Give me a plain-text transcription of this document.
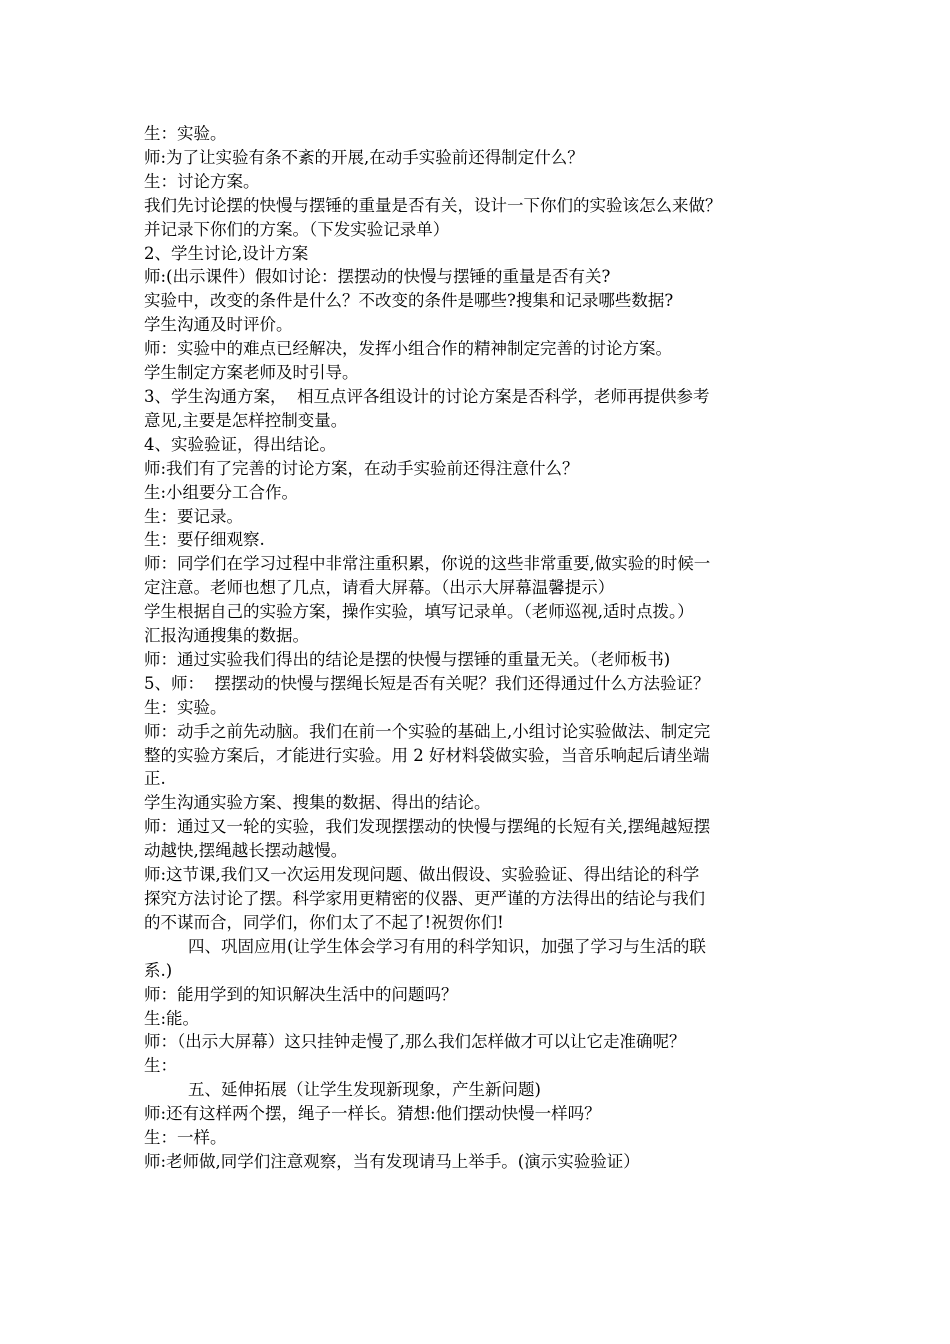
生：实验。

师:为了让实验有条不紊的开展,在动手实验前还得制定什么？

生：讨论方案。

我们先讨论摆的快慢与摆锤的重量是否有关，设计一下你们的实验该怎么来做？

并记录下你们的方案。（下发实验记录单）

2、学生讨论,设计方案

师:(出示课件）假如讨论：摆摆动的快慢与摆锤的重量是否有关?

实验中，改变的条件是什么？不改变的条件是哪些?搜集和记录哪些数据?

学生沟通及时评价。

师：实验中的难点已经解决，发挥小组合作的精神制定完善的讨论方案。

学生制定方案老师及时引导。

3、学生沟通方案，  相互点评各组设计的讨论方案是否科学，老师再提供参考

意见,主要是怎样控制变量。

4、实验验证，得出结论。

师:我们有了完善的讨论方案，在动手实验前还得注意什么？

生:小组要分工合作。

生：要记录。

生：要仔细观察.

师：同学们在学习过程中非常注重积累，你说的这些非常重要,做实验的时候一

定注意。老师也想了几点，请看大屏幕。（出示大屏幕温馨提示）

学生根据自己的实验方案，操作实验，填写记录单。（老师巡视,适时点拨。）

汇报沟通搜集的数据。

师：通过实验我们得出的结论是摆的快慢与摆锤的重量无关。（老师板书)

5、师：  摆摆动的快慢与摆绳长短是否有关呢？我们还得通过什么方法验证？

生：实验。

师：动手之前先动脑。我们在前一个实验的基础上,小组讨论实验做法、制定完

整的实验方案后，才能进行实验。用 2 好材料袋做实验，当音乐响起后请坐端

正.

学生沟通实验方案、搜集的数据、得出的结论。

师：通过又一轮的实验，我们发现摆摆动的快慢与摆绳的长短有关,摆绳越短摆

动越快,摆绳越长摆动越慢。

师:这节课,我们又一次运用发现问题、做出假设、实验验证、得出结论的科学

探究方法讨论了摆。科学家用更精密的仪器、更严谨的方法得出的结论与我们

的不谋而合，同学们，你们太了不起了!祝贺你们!

四、巩固应用(让学生体会学习有用的科学知识，加强了学习与生活的联

系.)

师：能用学到的知识解决生活中的问题吗？

生:能。

师：（出示大屏幕）这只挂钟走慢了,那么我们怎样做才可以让它走准确呢？

生：

五、延伸拓展（让学生发现新现象，产生新问题)

师:还有这样两个摆，绳子一样长。猜想:他们摆动快慢一样吗？

生：一样。

师:老师做,同学们注意观察，当有发现请马上举手。(演示实验验证）
